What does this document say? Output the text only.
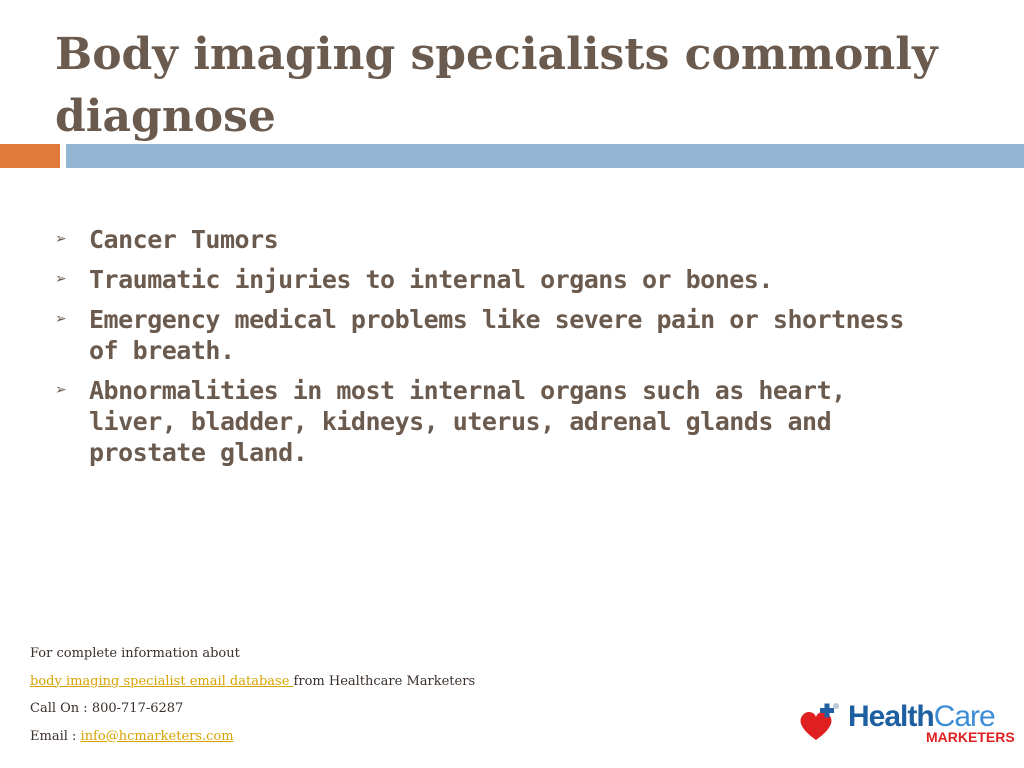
Body imaging specialists commonly diagnose
➢ Cancer Tumors
➢ Traumatic injuries to internal organs or bones.
➢ Emergency medical problems like severe pain or shortness of breath.
➢ Abnormalities in most internal organs such as heart, liver, bladder, kidneys, uterus, adrenal glands and prostate gland.
For complete information about
body imaging specialist email database from Healthcare Marketers
Call On : 800-717-6287
Email : info@hcmarketers.com
HealthCare
MARKETERS
